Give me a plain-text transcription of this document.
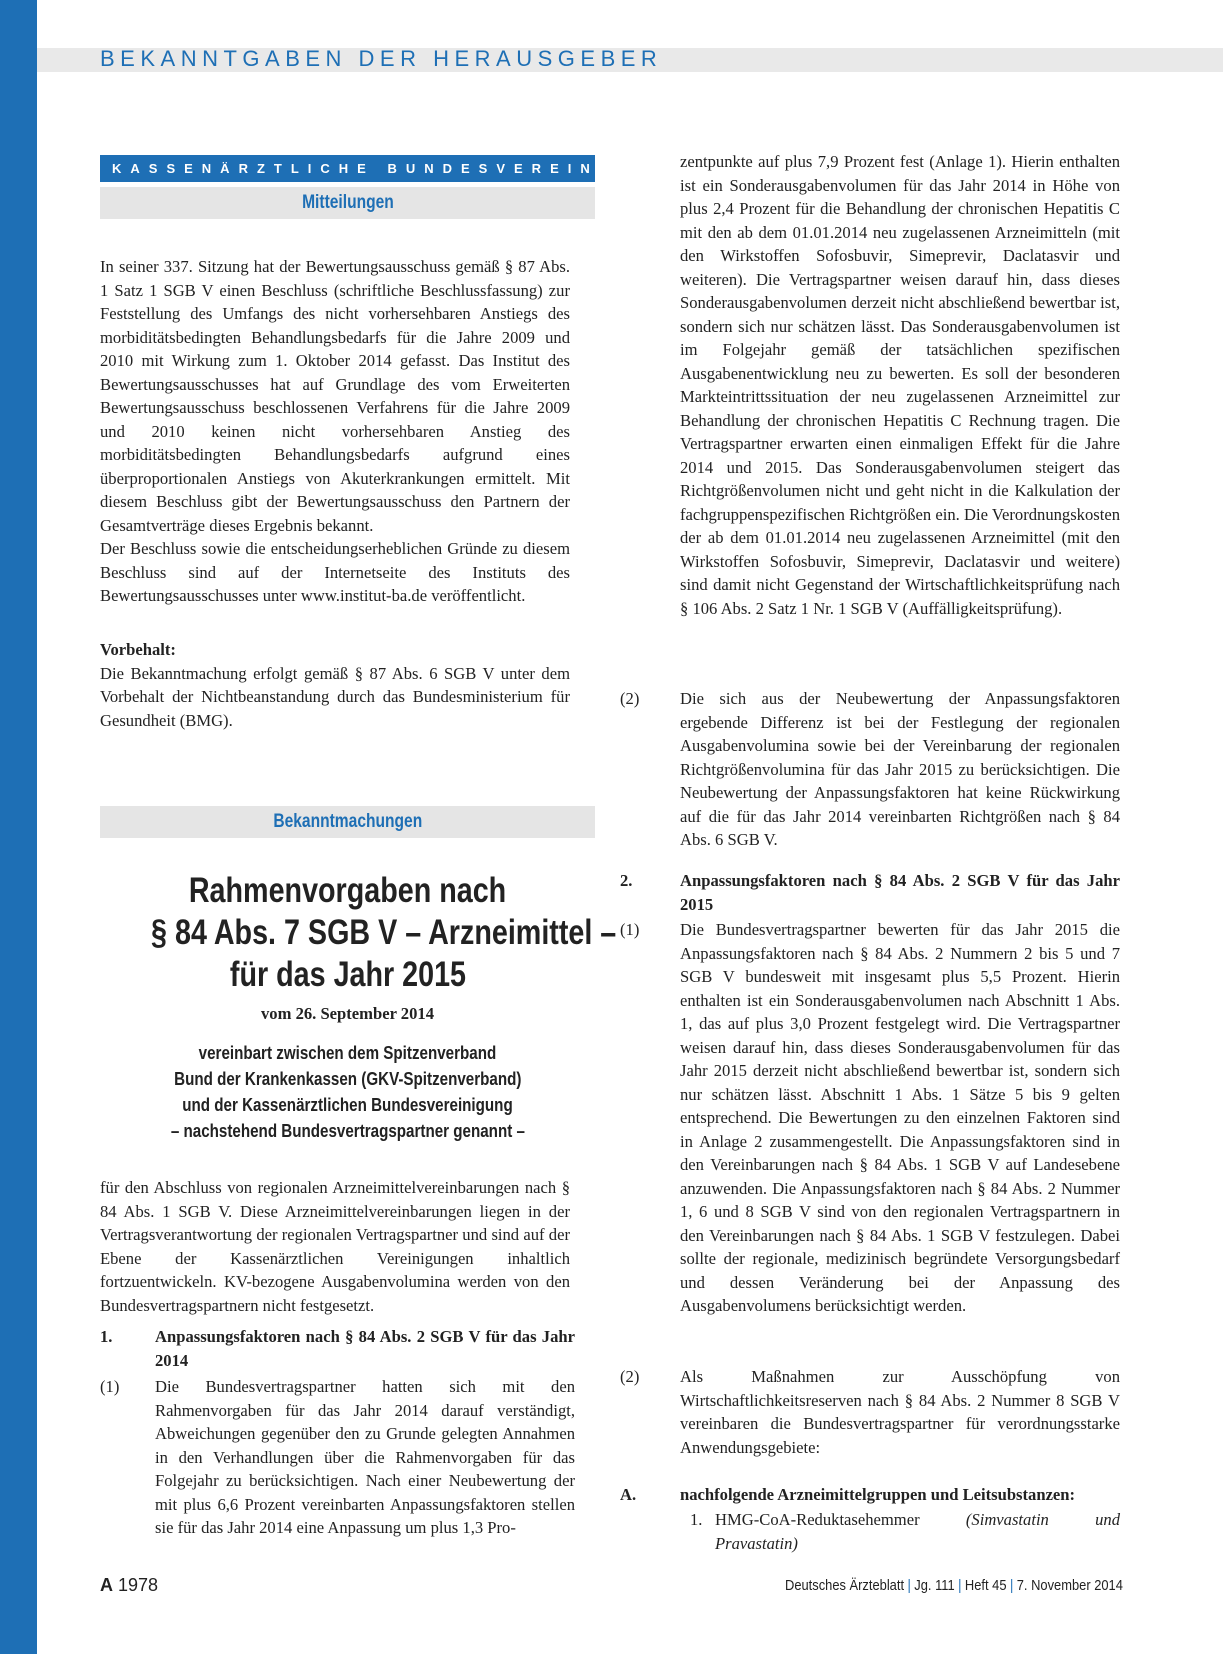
BEKANNTGABEN DER HERAUSGEBER
KASSENÄRZTLICHE BUNDESVEREINIGUNG
Mitteilungen

In seiner 337. Sitzung hat der Bewertungsausschuss gemäß § 87 Abs. 1 Satz 1 SGB V einen Beschluss (schriftliche Beschlussfassung) zur Feststellung des Umfangs des nicht vorhersehbaren Anstiegs des morbiditätsbedingten Behandlungsbedarfs für die Jahre 2009 und 2010 mit Wirkung zum 1. Oktober 2014 gefasst. Das Institut des Bewertungsausschusses hat auf Grundlage des vom Erweiterten Bewertungsausschuss beschlossenen Verfahrens für die Jahre 2009 und 2010 keinen nicht vorhersehbaren Anstieg des morbiditätsbedingten Behandlungsbedarfs aufgrund eines überproportionalen Anstiegs von Akuterkrankungen ermittelt. Mit diesem Beschluss gibt der Bewertungsausschuss den Partnern der Gesamtverträge dieses Ergebnis bekannt.

Der Beschluss sowie die entscheidungserheblichen Gründe zu diesem Beschluss sind auf der Internetseite des Instituts des Bewertungsausschusses unter www.institut-ba.de veröffentlicht.

Vorbehalt:

Die Bekanntmachung erfolgt gemäß § 87 Abs. 6 SGB V unter dem Vorbehalt der Nichtbeanstandung durch das Bundesministerium für Gesundheit (BMG).

Bekanntmachungen
Rahmenvorgaben nach
§ 84 Abs. 7 SGB V – Arzneimittel –
für das Jahr 2015
vom 26. September 2014
vereinbart zwischen dem Spitzenverband
Bund der Krankenkassen (GKV-Spitzenverband)
und der Kassenärztlichen Bundesvereinigung
– nachstehend Bundesvertragspartner genannt –
für den Abschluss von regionalen Arzneimittelvereinbarungen nach § 84 Abs. 1 SGB V. Diese Arzneimittelvereinbarungen liegen in der Vertragsverantwortung der regionalen Vertragspartner und sind auf der Ebene der Kassenärztlichen Vereinigungen inhaltlich fortzuentwickeln. KV-bezogene Ausgabenvolumina werden von den Bundesvertragspartnern nicht festgesetzt.
1.	Anpassungsfaktoren nach § 84 Abs. 2 SGB V für das Jahr 2014
(1) Die Bundesvertragspartner hatten sich mit den Rahmenvorgaben für das Jahr 2014 darauf verständigt, Abweichungen gegenüber den zu Grunde gelegten Annahmen in den Verhandlungen über die Rahmenvorgaben für das Folgejahr zu berücksichtigen. Nach einer Neubewertung der mit plus 6,6 Prozent vereinbarten Anpassungsfaktoren stellen sie für das Jahr 2014 eine Anpassung um plus 1,3 Pro-
zentpunkte auf plus 7,9 Prozent fest (Anlage 1). Hierin enthalten ist ein Sonderausgabenvolumen für das Jahr 2014 in Höhe von plus 2,4 Prozent für die Behandlung der chronischen Hepatitis C mit den ab dem 01.01.2014 neu zugelassenen Arzneimitteln (mit den Wirkstoffen Sofosbuvir, Simeprevir, Daclatasvir und weiteren). Die Vertragspartner weisen darauf hin, dass dieses Sonderausgabenvolumen derzeit nicht abschließend bewertbar ist, sondern sich nur schätzen lässt. Das Sonderausgabenvolumen ist im Folgejahr gemäß der tatsächlichen spezifischen Ausgabenentwicklung neu zu bewerten. Es soll der besonderen Markteintrittssituation der neu zugelassenen Arzneimittel zur Behandlung der chronischen Hepatitis C Rechnung tragen. Die Vertragspartner erwarten einen einmaligen Effekt für die Jahre 2014 und 2015. Das Sonderausgabenvolumen steigert das Richtgrößenvolumen nicht und geht nicht in die Kalkulation der fachgruppenspezifischen Richtgrößen ein. Die Verordnungskosten der ab dem 01.01.2014 neu zugelassenen Arzneimittel (mit den Wirkstoffen Sofosbuvir, Simeprevir, Daclatasvir und weitere) sind damit nicht Gegenstand der Wirtschaftlichkeitsprüfung nach § 106 Abs. 2 Satz 1 Nr. 1 SGB V (Auffälligkeitsprüfung).
(2) Die sich aus der Neubewertung der Anpassungsfaktoren ergebende Differenz ist bei der Festlegung der regionalen Ausgabenvolumina sowie bei der Vereinbarung der regionalen Richtgrößenvolumina für das Jahr 2015 zu berücksichtigen. Die Neubewertung der Anpassungsfaktoren hat keine Rückwirkung auf die für das Jahr 2014 vereinbarten Richtgrößen nach § 84 Abs. 6 SGB V.
2.	Anpassungsfaktoren nach § 84 Abs. 2 SGB V für das Jahr 2015
(1) Die Bundesvertragspartner bewerten für das Jahr 2015 die Anpassungsfaktoren nach § 84 Abs. 2 Nummern 2 bis 5 und 7 SGB V bundesweit mit insgesamt plus 5,5 Prozent. Hierin enthalten ist ein Sonderausgabenvolumen nach Abschnitt 1 Abs. 1, das auf plus 3,0 Prozent festgelegt wird. Die Vertragspartner weisen darauf hin, dass dieses Sonderausgabenvolumen für das Jahr 2015 derzeit nicht abschließend bewertbar ist, sondern sich nur schätzen lässt. Abschnitt 1 Abs. 1 Sätze 5 bis 9 gelten entsprechend. Die Bewertungen zu den einzelnen Faktoren sind in Anlage 2 zusammengestellt. Die Anpassungsfaktoren sind in den Vereinbarungen nach § 84 Abs. 1 SGB V auf Landesebene anzuwenden. Die Anpassungsfaktoren nach § 84 Abs. 2 Nummer 1, 6 und 8 SGB V sind von den regionalen Vertragspartnern in den Vereinbarungen nach § 84 Abs. 1 SGB V festzulegen. Dabei sollte der regionale, medizinisch begründete Versorgungsbedarf und dessen Veränderung bei der Anpassung des Ausgabenvolumens berücksichtigt werden.
(2) Als Maßnahmen zur Ausschöpfung von Wirtschaftlichkeitsreserven nach § 84 Abs. 2 Nummer 8 SGB V vereinbaren die Bundesvertragspartner für verordnungsstarke Anwendungsgebiete:
A.	nachfolgende Arzneimittelgruppen und Leitsubstanzen:
1. HMG-CoA-Reduktasehemmer	(Simvastatin und Pravastatin)
A 1978	Deutsches Ärzteblatt | Jg. 111 | Heft 45 | 7. November 2014
